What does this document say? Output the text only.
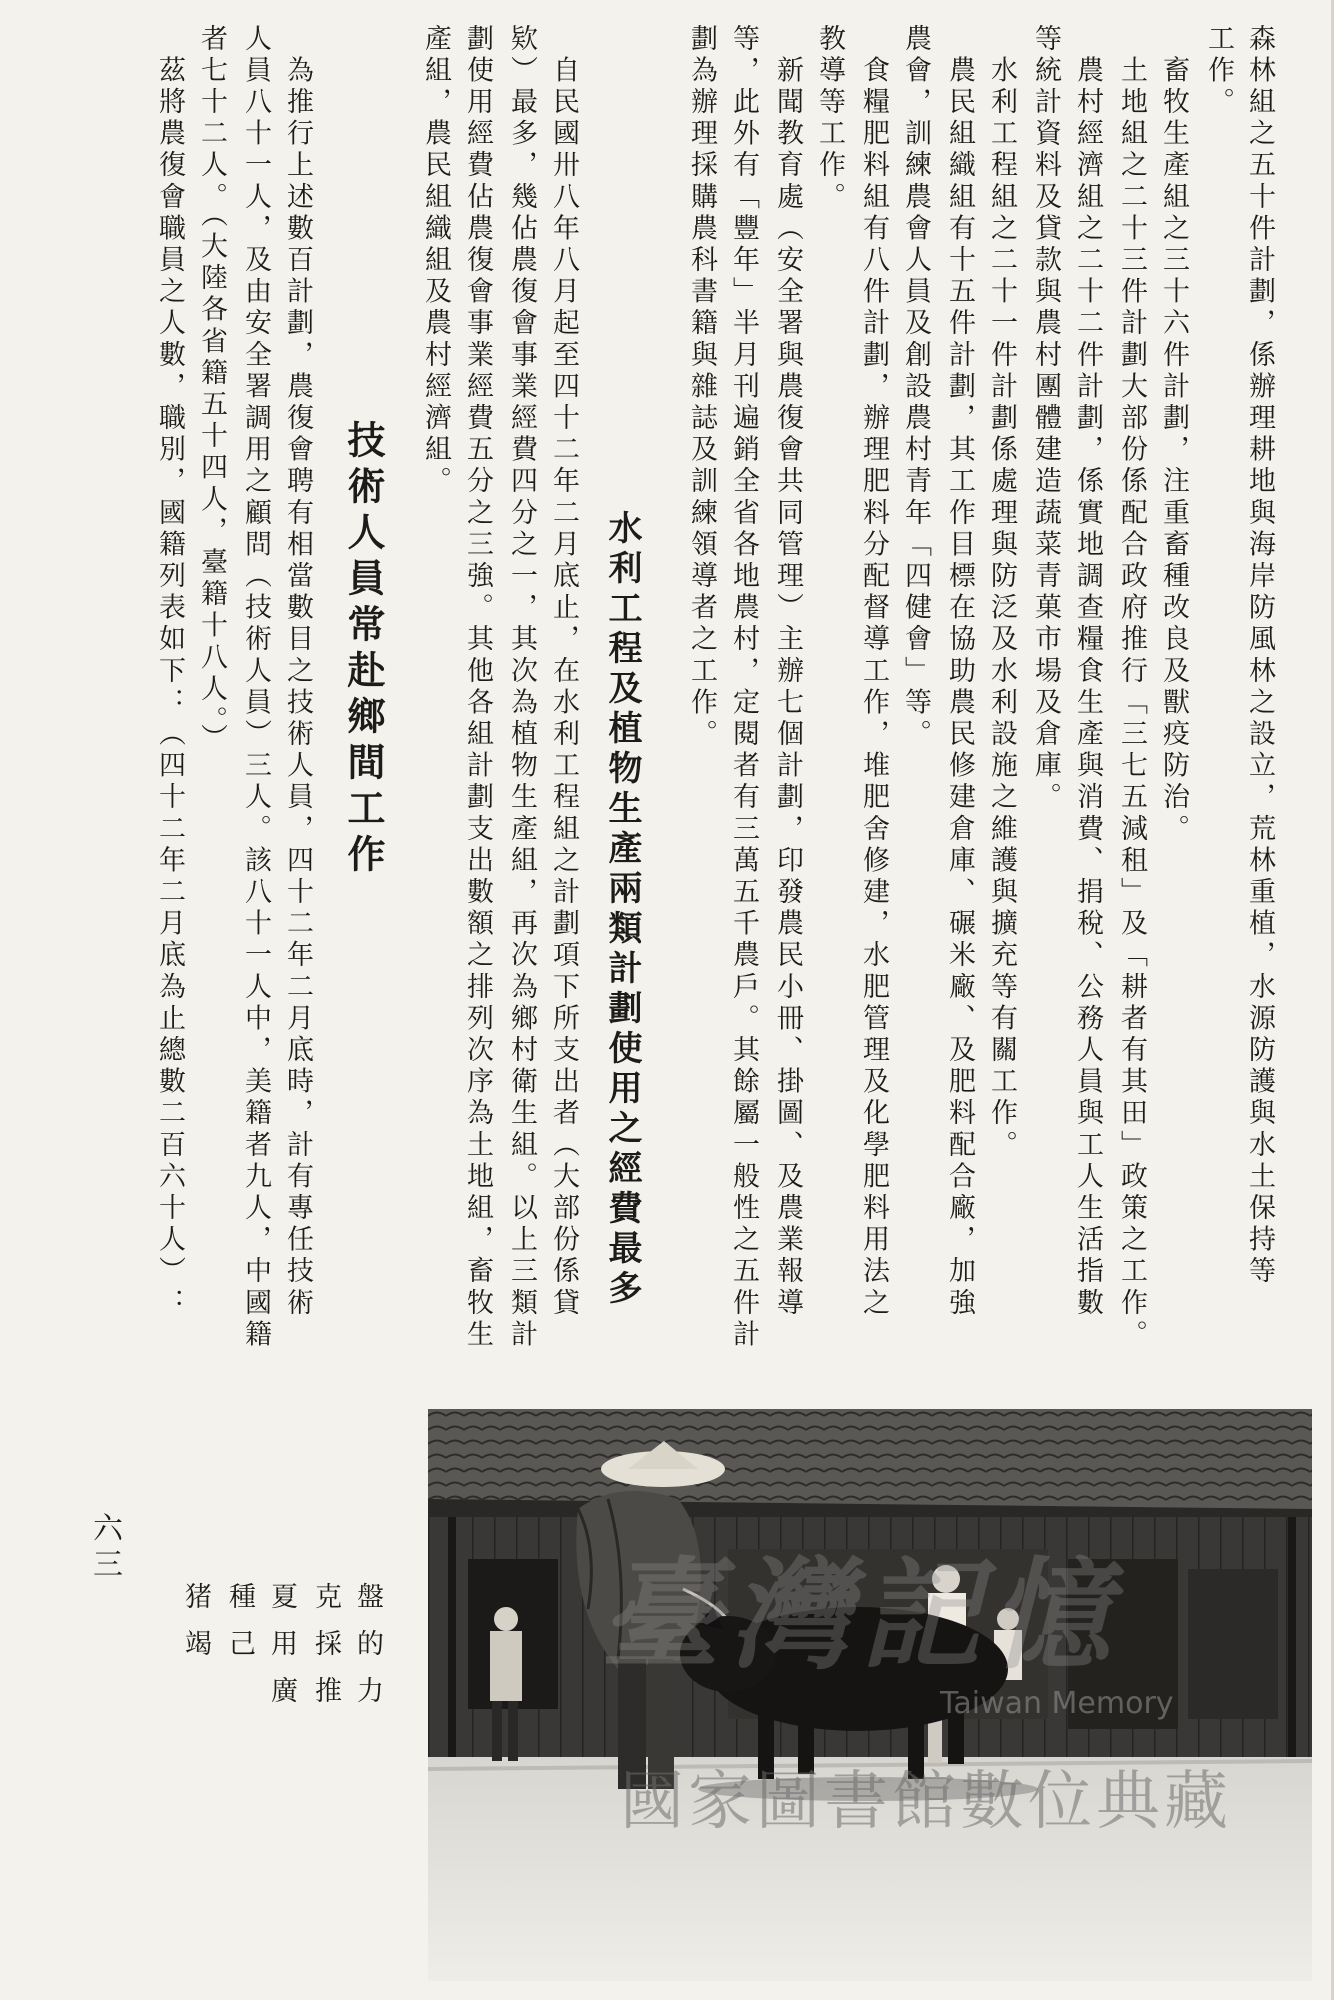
森林組之五十件計劃，係辦理耕地與海岸防風林之設立，荒林重植，水源防護與水土保持等
工作。
　畜牧生產組之三十六件計劃，注重畜種改良及獸疫防治。
　土地組之二十三件計劃大部份係配合政府推行「三七五減租」及「耕者有其田」政策之工作。
　農村經濟組之二十二件計劃，係實地調查糧食生產與消費、捐稅、公務人員與工人生活指數
等統計資料及貸款與農村團體建造蔬菜青菓市場及倉庫。
　水利工程組之二十一件計劃係處理與防泛及水利設施之維護與擴充等有關工作。
　農民組織組有十五件計劃，其工作目標在協助農民修建倉庫、碾米廠、及肥料配合廠，加強
農會，訓練農會人員及創設農村青年「四健會」等。
　食糧肥料組有八件計劃，辦理肥料分配督導工作，堆肥舍修建，水肥管理及化學肥料用法之
教導等工作。
　新聞教育處（安全署與農復會共同管理）主辦七個計劃，印發農民小冊、掛圖、及農業報導
等，此外有「豐年」半月刊遍銷全省各地農村，定閱者有三萬五千農戶。其餘屬一般性之五件計
劃為辦理採購農科書籍與雜誌及訓練領導者之工作。
水利工程及植物生產兩類計劃使用之經費最多
　自民國卅八年八月起至四十二年二月底止，在水利工程組之計劃項下所支出者（大部份係貸
欵）最多，幾佔農復會事業經費四分之一，其次為植物生產組，再次為鄉村衛生組。以上三類計
劃使用經費佔農復會事業經費五分之三強。其他各組計劃支出數額之排列次序為土地組，畜牧生
產組，農民組織組及農村經濟組。
技術人員常赴鄉間工作
　為推行上述數百計劃，農復會聘有相當數目之技術人員，四十二年二月底時，計有專任技術
人員八十一人，及由安全署調用之顧問（技術人員）三人。該八十一人中，美籍者九人，中國籍
者七十二人。（大陸各省籍五十四人，臺籍十八人。）
　茲將農復會職員之人數，職別，國籍列表如下：（四十二年二月底為止總數二百六十人）：
六三
盤的力
克採推
夏用廣
種己
猪竭	臺灣記憶
Taiwan Memory
國家圖書館數位典藏
